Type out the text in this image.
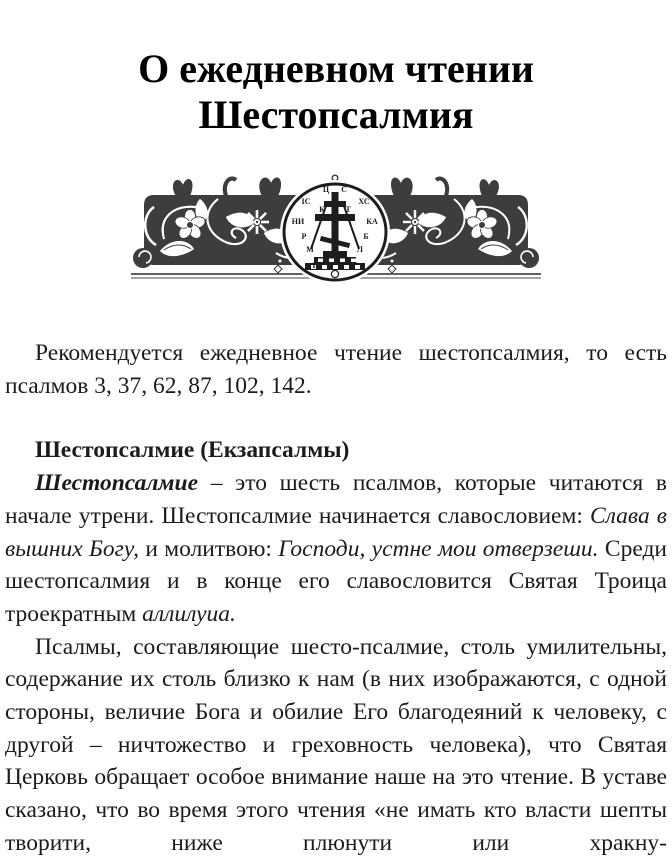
О ежедневном чтении
Шестопсалмия
ІС
Ц С
ХС
НИ
К	Т
КА
Р	Б
М	Л
Г	Г

Рекомендуется ежедневное чтение шестопсалмия, то есть псалмов 3, 37, 62, 87, 102, 142.

Шестопсалмие (Екзапсалмы)

Шестопсалмие – это шесть псалмов, которые читаются в начале утрени. Шестопсалмие начинается славословием: Слава в вышних Богу, и молитвою: Господи, устне мои отверзеши. Среди шестопсалмия и в конце его славословится Святая Троица троекратным аллилуиа.

Псалмы, составляющие шесто-псалмие, столь умилительны, содержание их столь близко к нам (в них изображаются, с одной стороны, величие Бога и обилие Его благодеяний к человеку, с другой – ничтожество и греховность человека), что Святая Церковь обращает особое внимание наше на это чтение. В уставе сказано, что во время этого чтения «не имать кто власти шепты творити, ниже плюнути или хракну-
